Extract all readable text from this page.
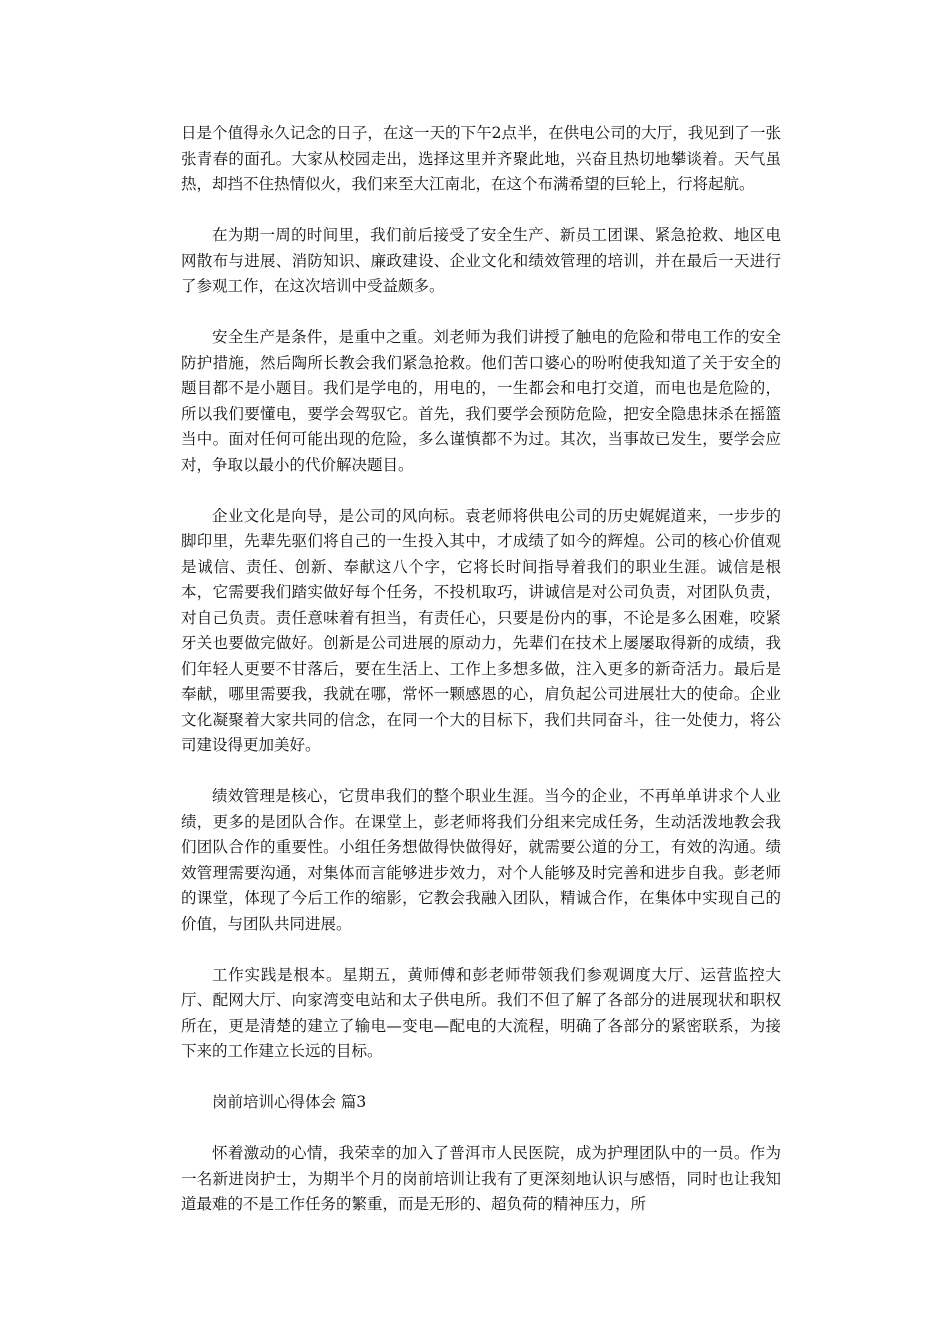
日是个值得永久记念的日子，在这一天的下午2点半，在供电公司的大厅，我见到了一张张青春的面孔。大家从校园走出，选择这里并齐聚此地，兴奋且热切地攀谈着。天气虽热，却挡不住热情似火，我们来至大江南北，在这个布满希望的巨轮上，行将起航。

在为期一周的时间里，我们前后接受了安全生产、新员工团课、紧急抢救、地区电网散布与进展、消防知识、廉政建设、企业文化和绩效管理的培训，并在最后一天进行了参观工作，在这次培训中受益颇多。

安全生产是条件，是重中之重。刘老师为我们讲授了触电的危险和带电工作的安全防护措施，然后陶所长教会我们紧急抢救。他们苦口婆心的吩咐使我知道了关于安全的题目都不是小题目。我们是学电的，用电的，一生都会和电打交道，而电也是危险的，所以我们要懂电，要学会驾驭它。首先，我们要学会预防危险，把安全隐患抹杀在摇篮当中。面对任何可能出现的危险，多么谨慎都不为过。其次，当事故已发生，要学会应对，争取以最小的代价解决题目。

企业文化是向导，是公司的风向标。袁老师将供电公司的历史娓娓道来，一步步的脚印里，先辈先驱们将自己的一生投入其中，才成绩了如今的辉煌。公司的核心价值观是诚信、责任、创新、奉献这八个字，它将长时间指导着我们的职业生涯。诚信是根本，它需要我们踏实做好每个任务，不投机取巧，讲诚信是对公司负责，对团队负责，对自己负责。责任意味着有担当，有责任心，只要是份内的事，不论是多么困难，咬紧牙关也要做完做好。创新是公司进展的原动力，先辈们在技术上屡屡取得新的成绩，我们年轻人更要不甘落后，要在生活上、工作上多想多做，注入更多的新奇活力。最后是奉献，哪里需要我，我就在哪，常怀一颗感恩的心，肩负起公司进展壮大的使命。企业文化凝聚着大家共同的信念，在同一个大的目标下，我们共同奋斗，往一处使力，将公司建设得更加美好。

绩效管理是核心，它贯串我们的整个职业生涯。当今的企业，不再单单讲求个人业绩，更多的是团队合作。在课堂上，彭老师将我们分组来完成任务，生动活泼地教会我们团队合作的重要性。小组任务想做得快做得好，就需要公道的分工，有效的沟通。绩效管理需要沟通，对集体而言能够进步效力，对个人能够及时完善和进步自我。彭老师的课堂，体现了今后工作的缩影，它教会我融入团队，精诚合作，在集体中实现自己的价值，与团队共同进展。

工作实践是根本。星期五，黄师傅和彭老师带领我们参观调度大厅、运营监控大厅、配网大厅、向家湾变电站和太子供电所。我们不但了解了各部分的进展现状和职权所在，更是清楚的建立了输电—变电—配电的大流程，明确了各部分的紧密联系，为接下来的工作建立长远的目标。

岗前培训心得体会 篇3

怀着激动的心情，我荣幸的加入了普洱市人民医院，成为护理团队中的一员。作为一名新进岗护士，为期半个月的岗前培训让我有了更深刻地认识与感悟，同时也让我知道最难的不是工作任务的繁重，而是无形的、超负荷的精神压力，所
